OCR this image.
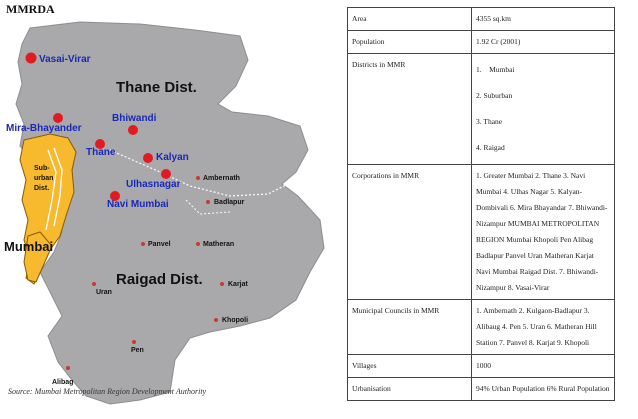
MMRDA
Thane Dist.
Raigad Dist.
Sub-
urban
Dist.
Mumbai
Vasai-Virar
Mira-Bhayander
Thane
Bhiwandi
Kalyan
Ulhasnagar
Navi Mumbai
Ambernath
Badlapur
Panvel	Matheran
Uran
Karjat
Khopoli
Pen
Alibag
Source: Mumbai Metropolitan Region Development Authority
Area	4355 sq.km
Population	1.92 Cr (2001)
Districts in MMR	1.    Mumbai
2. Suburban
3. Thane
4. Raigad

Corporations in MMR	1. Greater Mumbai 2. Thane 3. Navi Mumbai 4. Ulhas Nagar 5. Kalyan-Dombivali 6. Mira Bhayandar 7. Bhiwandi- Nizampur MUMBAI METROPOLITAN REGION Mumbai Khopoli Pen Alibag Badlapur Panvel Uran Matheran Karjat Navi Mumbai Raigad Dist. 7. Bhiwandi- Nizampur 8. Vasai-Virar
Municipal Councils in MMR	1. Ambernath 2. Kulgaon-Badlapur 3. Alibaug 4. Pen 5. Uran 6. Matheran Hill Station 7. Panvel 8. Karjat 9. Khopoli
Villages	1000
Urbanisation	94% Urban Population 6% Rural Population
